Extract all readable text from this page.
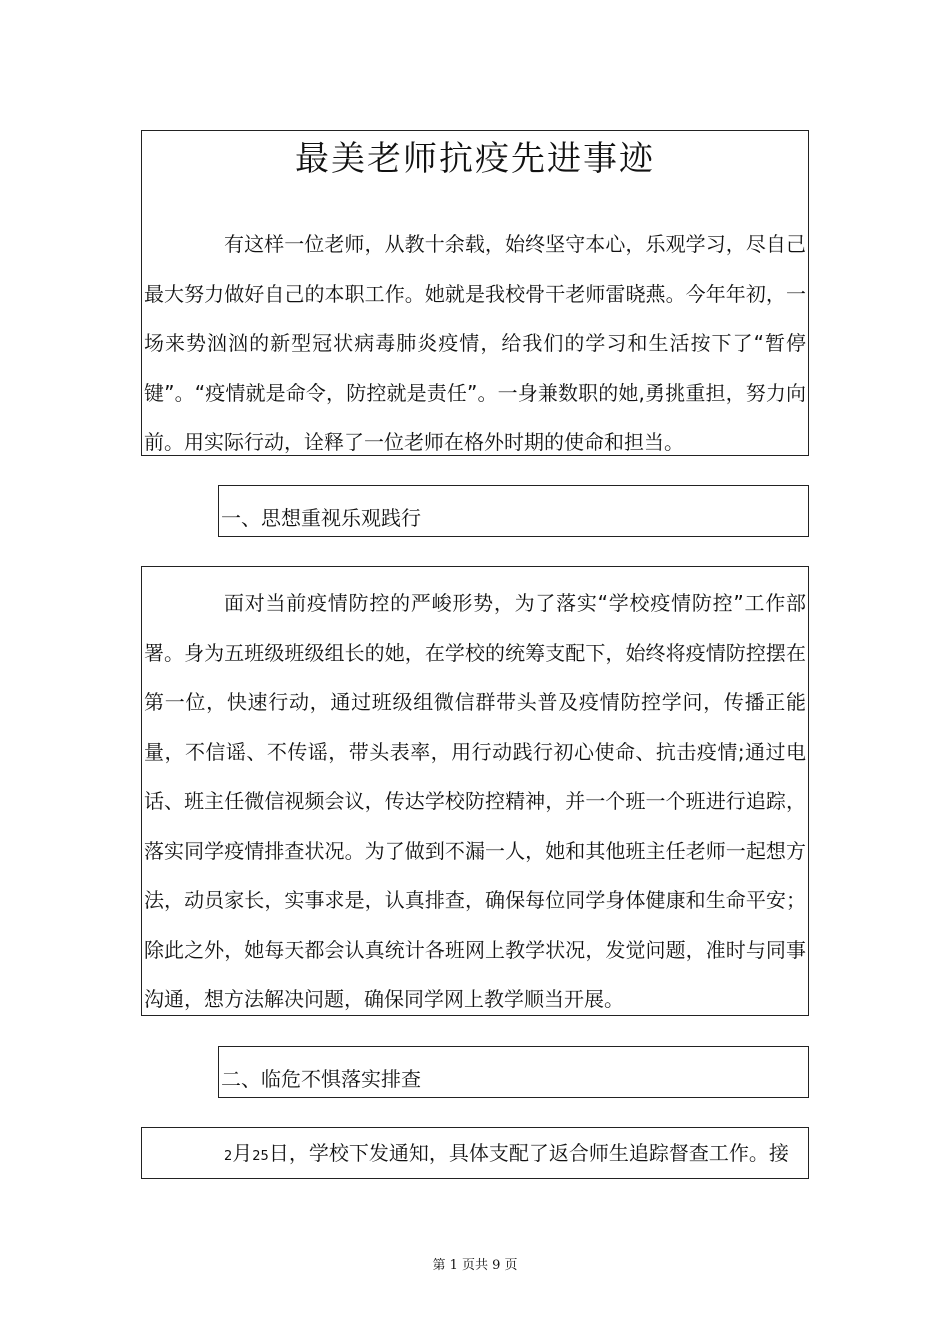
最美老师抗疫先进事迹

有这样一位老师，从教十余载，始终坚守本心，乐观学习，尽自己最大努力做好自己的本职工作。她就是我校骨干老师雷晓燕。今年年初，一场来势汹汹的新型冠状病毒肺炎疫情，给我们的学习和生活按下了“暂停键”。“疫情就是命令，防控就是责任”。一身兼数职的她,勇挑重担，努力向前。用实际行动，诠释了一位老师在格外时期的使命和担当。

一、思想重视乐观践行

面对当前疫情防控的严峻形势，为了落实“学校疫情防控”工作部署。身为五班级班级组长的她，在学校的统筹支配下，始终将疫情防控摆在第一位，快速行动，通过班级组微信群带头普及疫情防控学问，传播正能量，不信谣、不传谣，带头表率，用行动践行初心使命、抗击疫情;通过电话、班主任微信视频会议，传达学校防控精神，并一个班一个班进行追踪，落实同学疫情排查状况。为了做到不漏一人，她和其他班主任老师一起想方法，动员家长，实事求是，认真排查，确保每位同学身体健康和生命平安；除此之外，她每天都会认真统计各班网上教学状况，发觉问题，准时与同事沟通，想方法解决问题，确保同学网上教学顺当开展。

二、临危不惧落实排查

2月25日，学校下发通知，具体支配了返合师生追踪督查工作。接

第 1 页共 9 页
